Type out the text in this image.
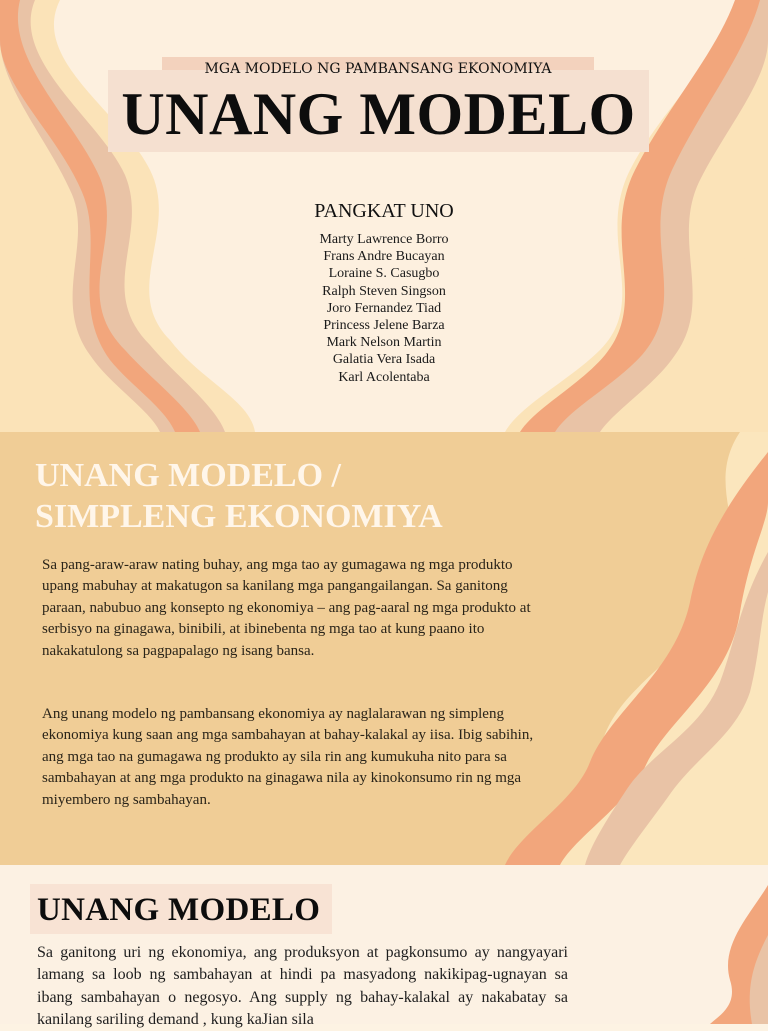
MGA MODELO NG PAMBANSANG EKONOMIYA
UNANG MODELO
PANGKAT UNO
Marty Lawrence Borro
Frans Andre Bucayan
Loraine S. Casugbo
Ralph Steven Singson
Joro Fernandez Tiad
Princess Jelene Barza
Mark Nelson Martin
Galatia Vera Isada
Karl Acolentaba
UNANG MODELO /
SIMPLENG EKONOMIYA

Sa pang-araw-araw nating buhay, ang mga tao ay gumagawa ng mga produkto upang mabuhay at makatugon sa kanilang mga pangangailangan. Sa ganitong paraan, nabubuo ang konsepto ng ekonomiya – ang pag-aaral ng mga produkto at serbisyo na ginagawa, binibili, at ibinebenta ng mga tao at kung paano ito nakakatulong sa pagpapalago ng isang bansa.

Ang unang modelo ng pambansang ekonomiya ay naglalarawan ng simpleng ekonomiya kung saan ang mga sambahayan at bahay-kalakal ay iisa. Ibig sabihin, ang mga tao na gumagawa ng produkto ay sila rin ang kumukuha nito para sa sambahayan at ang mga produkto na ginagawa nila ay kinokonsumo rin ng mga miyembero ng sambahayan.

UNANG MODELO

Sa ganitong uri ng ekonomiya, ang produksyon at pagkonsumo ay nangyayari lamang sa loob ng sambahayan at hindi pa masyadong nakikipag-ugnayan sa ibang sambahayan o negosyo. Ang supply ng bahay-kalakal ay nakabatay sa kanilang sariling demand , kung kaJian sila
